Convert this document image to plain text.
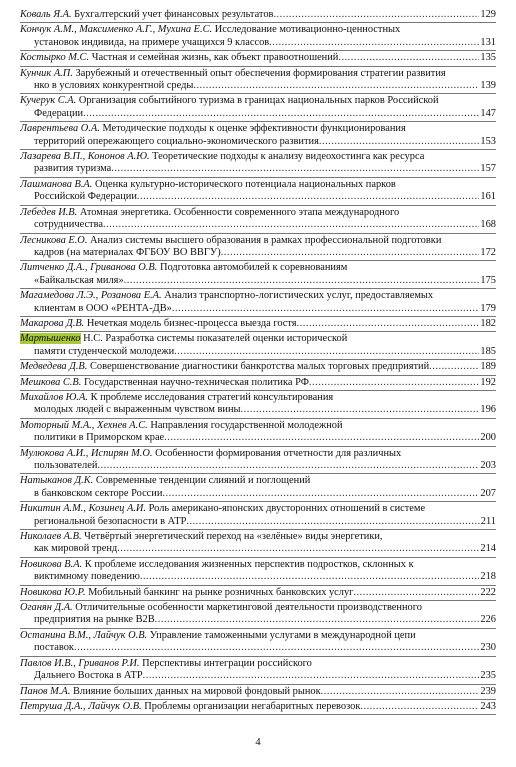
Коваль Я.А. Бухгалтерский учет финансовых результатов .....	129
Кончук А.М., Максименко А.Г., Мухина Е.С. Исследование мотивационно-ценностных
установок индивида, на примере учащихся 9 классов .....	131
Костырко М.С. Частная и семейная жизнь, как объект правоотношений .....	135
Кунчик А.П. Зарубежный и отечественный опыт обеспечения формирования стратегии развития
нко в условиях конкурентной среды .....	139
Кучерук С.А. Организация событийного туризма в границах национальных парков Российской
Федерации .....	147
Лаврентьева О.А. Методические подходы к оценке эффективности функционирования
территорий опережающего социально-экономического развития .....	153
Лазарева В.П., Кононов А.Ю. Теоретические подходы к анализу видеохостинга как ресурса
развития туризма .....	157
Лашманова В.А. Оценка культурно-исторического потенциала национальных парков
Российской Федерации .....	161
Лебедев И.В. Атомная энергетика. Особенности современного этапа международного
сотрудничества .....	168
Лесникова Е.О. Анализ системы высшего образования в рамках профессиональной подготовки
кадров (на материалах ФГБОУ ВО ВВГУ) .....	172
Литченко Д.А., Гриванова О.В. Подготовка автомобилей к соревнованиям
«Байкальская миля» .....	175
Магамедова Л.Э., Розанова Е.А. Анализ транспортно-логистических услуг, предоставляемых
клиентам в ООО «РЕНТА-ДВ» .....	179
Макарова Д.В. Нечеткая модель бизнес-процесса выезда гостя .....	182
Мартышенко Н.С. Разработка системы показателей оценки исторической
памяти студенческой молодежи .....	185
Медведева Д.В. Совершенствование диагностики банкротства малых торговых предприятий .....	189
Мешкова С.В. Государственная научно-техническая политика РФ .....	192
Михайлов Ю.А. К проблеме исследования стратегий консультирования
молодых людей с выраженным чувством вины .....	196
Моторный М.А., Хехнев А.С. Направления государственной молодежной
политики в Приморском крае .....	200
Мулюкова А.И., Испирян М.О. Особенности формирования отчетности для различных
пользователей .....	203
Натыканов Д.К. Современные тенденции слияний и поглощений
в банковском секторе России .....	207
Никитин А.М., Козинец А.И. Роль американо-японских двусторонних отношений в системе
региональной безопасности в АТР .....	211
Николаев А.В. Четвёртый энергетический переход на «зелёные» виды энергетики,
как мировой тренд .....	214
Новикова В.А. К проблеме исследования жизненных перспектив подростков, склонных к
виктимному поведению .....	218
Новикова Ю.Р. Мобильный банкинг на рынке розничных банковских услуг .....	222
Оганян Д.А. Отличительные особенности маркетинговой деятельности производственного
предприятия на рынке B2B .....	226
Останина В.М., Лайчук О.В. Управление таможенными услугами в международной цепи
поставок .....	230
Павлов И.В., Гриванов Р.И. Перспективы интеграции российского
Дальнего Востока в АТР .....	235
Панов М.А. Влияние больших данных на мировой фондовый рынок .....	239
Петруша Д.А., Лайчук О.В. Проблемы организации негабаритных перевозок .....	243
4
